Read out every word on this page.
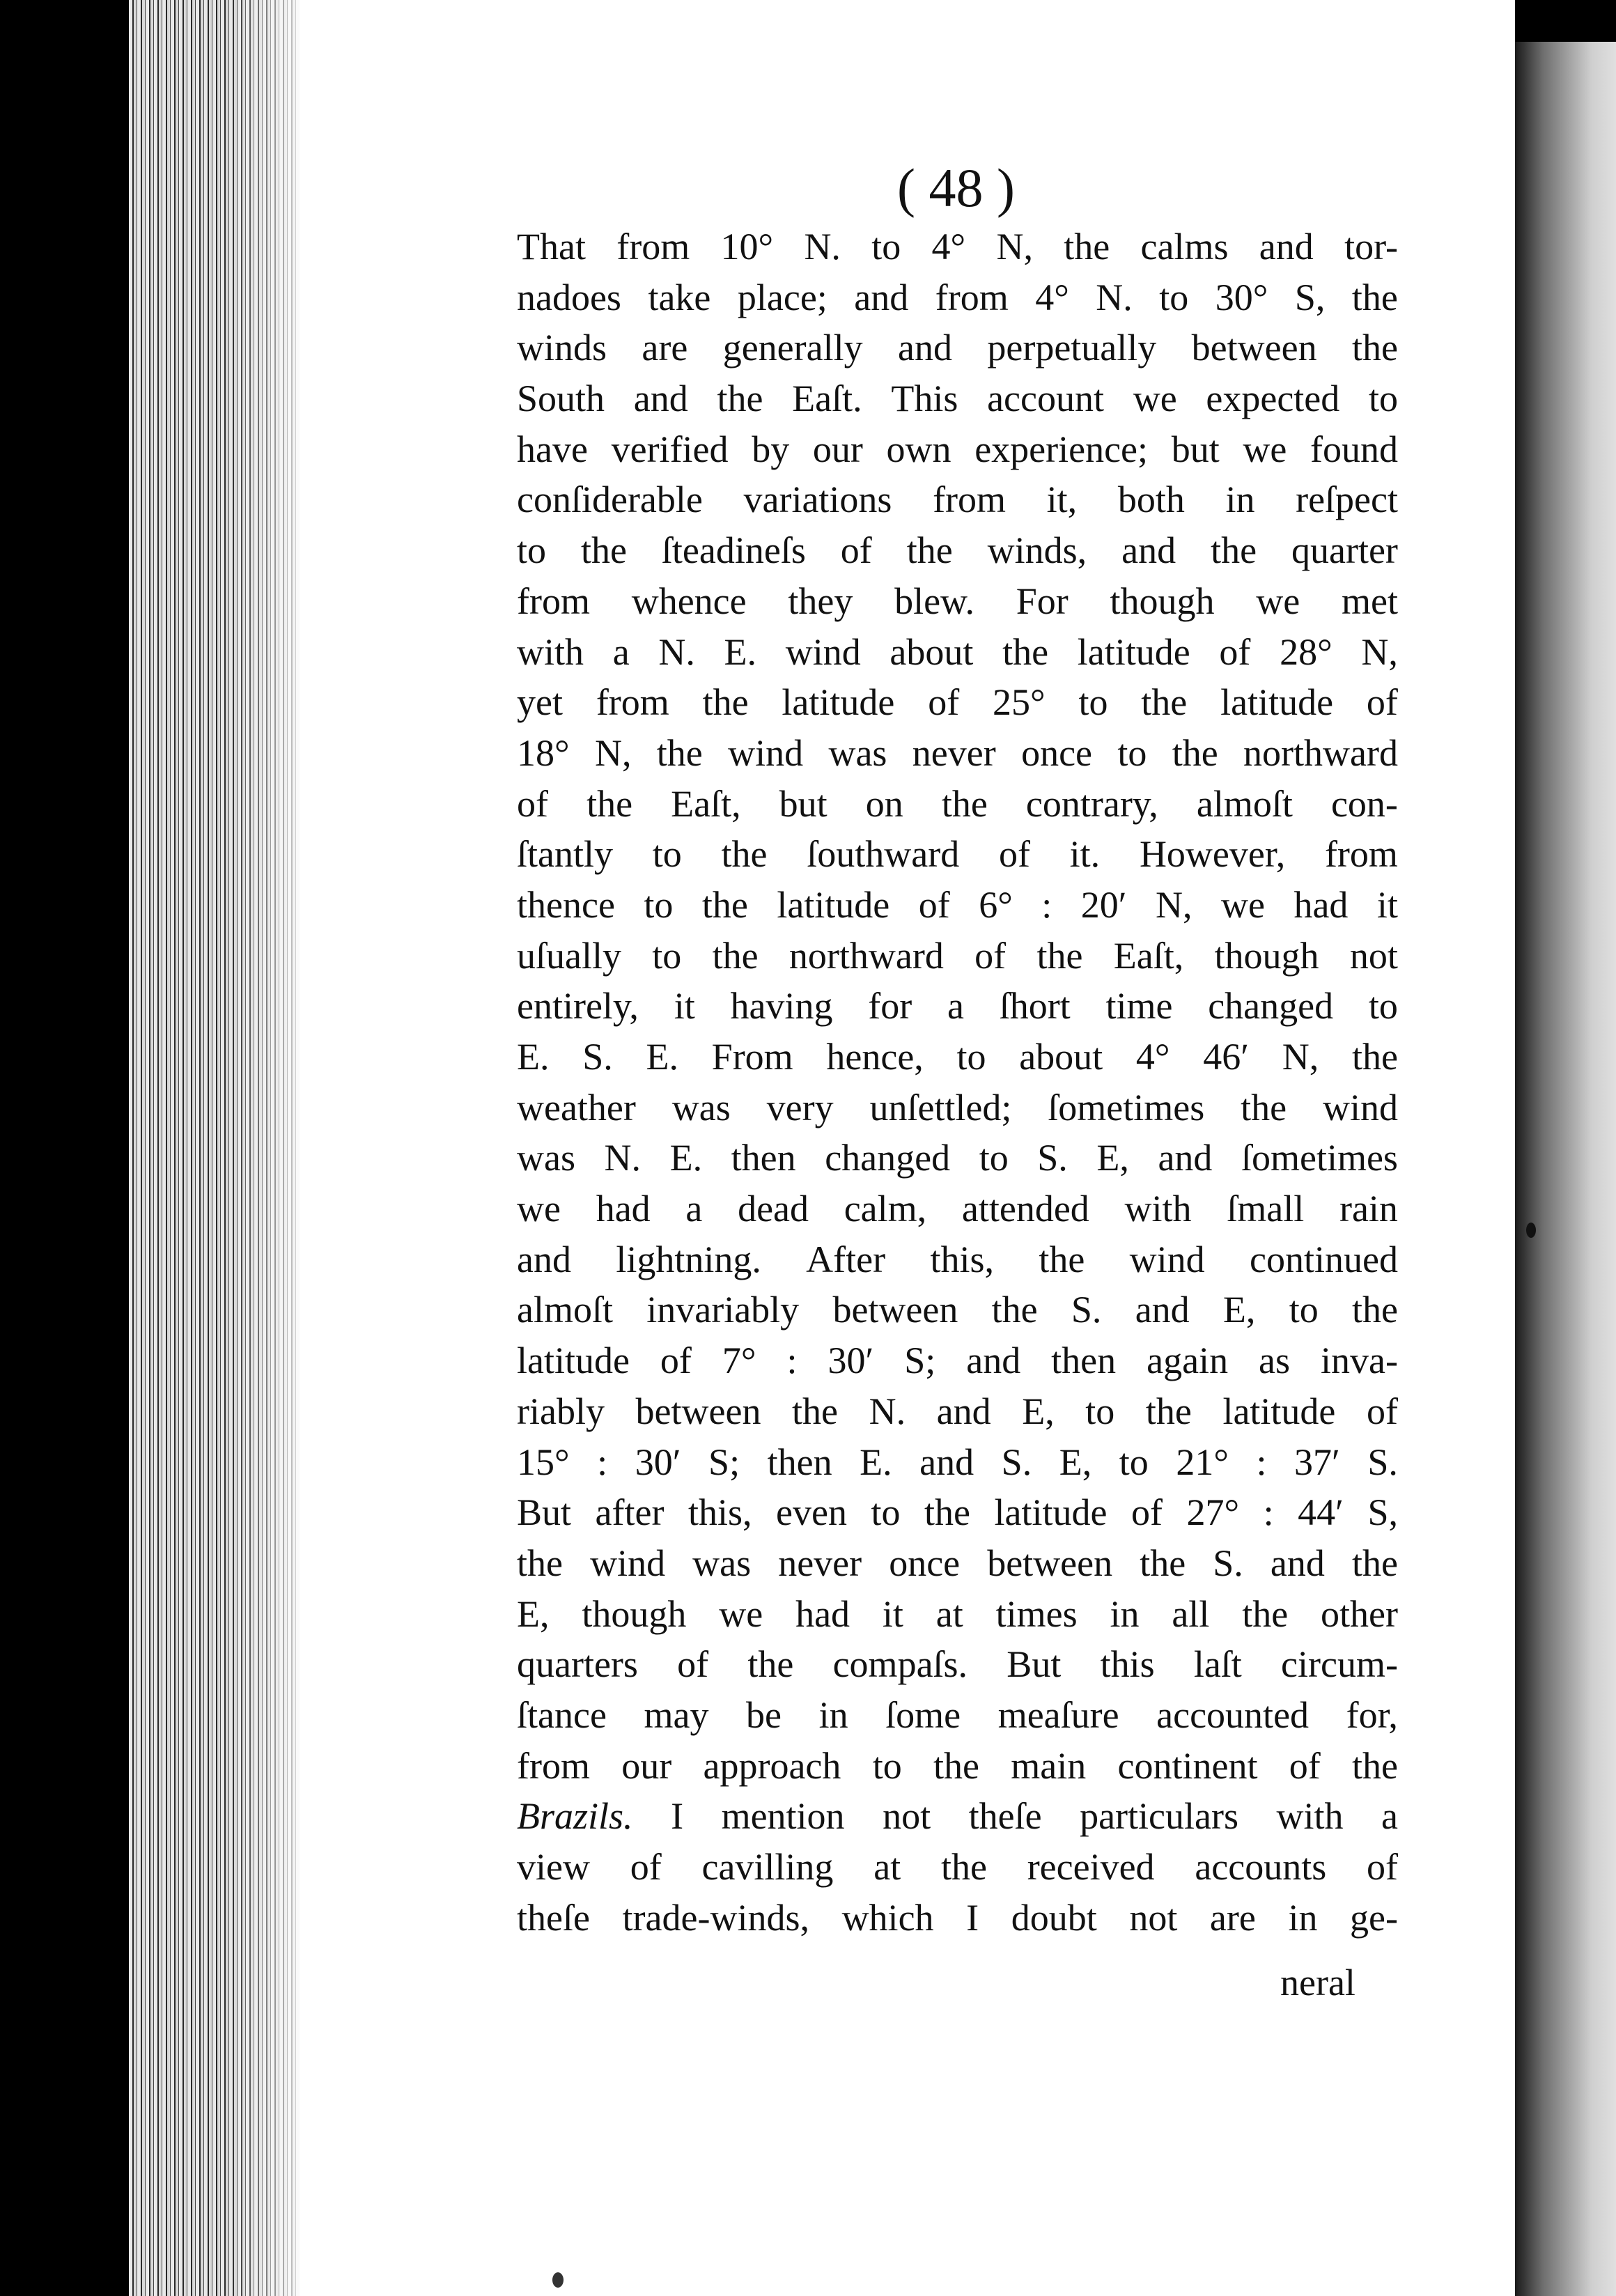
( 48 )
That from 10° N. to 4° N, the calms and tor-
nadoes take place; and from 4° N. to 30° S, the
winds are generally and perpetually between the
South and the Eaſt. This account we expected to
have verified by our own experience; but we found
conſiderable variations from it, both in reſpect
to the ſteadineſs of the winds, and the quarter
from whence they blew. For though we met
with a N. E. wind about the latitude of 28° N,
yet from the latitude of 25° to the latitude of
18° N, the wind was never once to the northward
of the Eaſt, but on the contrary, almoſt con-
ſtantly to the ſouthward of it. However, from
thence to the latitude of 6° : 20′ N, we had it
uſually to the northward of the Eaſt, though not
entirely, it having for a ſhort time changed to
E. S. E. From hence, to about 4° 46′ N, the
weather was very unſettled; ſometimes the wind
was N. E. then changed to S. E, and ſometimes
we had a dead calm, attended with ſmall rain
and lightning. After this, the wind continued
almoſt invariably between the S. and E, to the
latitude of 7° : 30′ S; and then again as inva-
riably between the N. and E, to the latitude of
15° : 30′ S; then E. and S. E, to 21° : 37′ S.
But after this, even to the latitude of 27° : 44′ S,
the wind was never once between the S. and the
E, though we had it at times in all the other
quarters of the compaſs. But this laſt circum-
ſtance may be in ſome meaſure accounted for,
from our approach to the main continent of the
Brazils. I mention not theſe particulars with a
view of cavilling at the received accounts of
theſe trade-winds, which I doubt not are in ge-
neral
